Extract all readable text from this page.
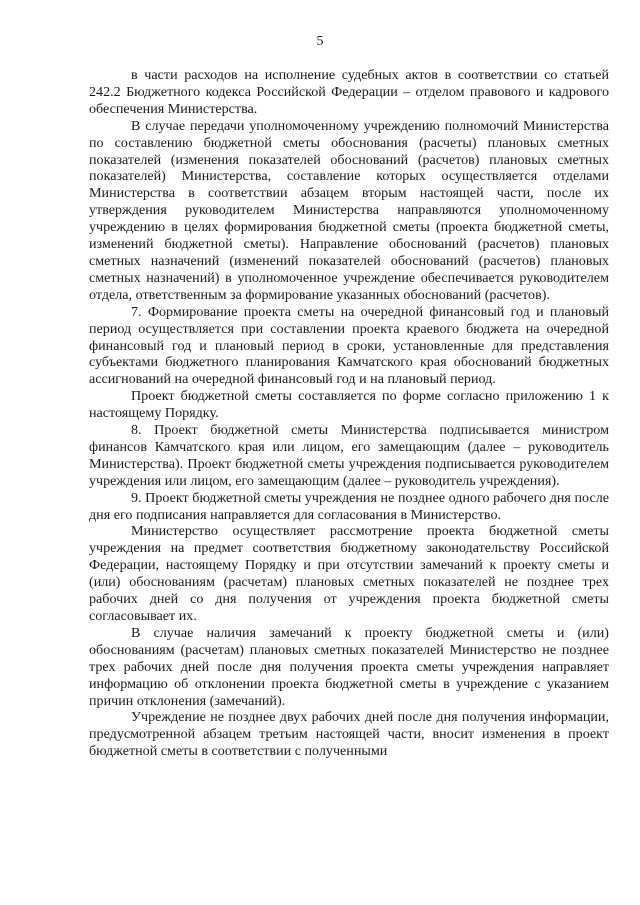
5

в части расходов на исполнение судебных актов в соответствии со статьей 242.2 Бюджетного кодекса Российской Федерации – отделом правового и кадрового обеспечения Министерства.

В случае передачи уполномоченному учреждению полномочий Министерства по составлению бюджетной сметы обоснования (расчеты) плановых сметных показателей (изменения показателей обоснований (расчетов) плановых сметных показателей) Министерства, составление которых осуществляется отделами Министерства в соответствии абзацем вторым настоящей части, после их утверждения руководителем Министерства направляются уполномоченному учреждению в целях формирования бюджетной сметы (проекта бюджетной сметы, изменений бюджетной сметы). Направление обоснований (расчетов) плановых сметных назначений (изменений показателей обоснований (расчетов) плановых сметных назначений) в уполномоченное учреждение обеспечивается руководителем отдела, ответственным за формирование указанных обоснований (расчетов).

7. Формирование проекта сметы на очередной финансовый год и плановый период осуществляется при составлении проекта краевого бюджета на очередной финансовый год и плановый период в сроки, установленные для представления субъектами бюджетного планирования Камчатского края обоснований бюджетных ассигнований на очередной финансовый год и на плановый период.

Проект бюджетной сметы составляется по форме согласно приложению 1 к настоящему Порядку.

8. Проект бюджетной сметы Министерства подписывается министром финансов Камчатского края или лицом, его замещающим (далее – руководитель Министерства). Проект бюджетной сметы учреждения подписывается руководителем учреждения или лицом, его замещающим (далее – руководитель учреждения).

9. Проект бюджетной сметы учреждения не позднее одного рабочего дня после дня его подписания направляется для согласования в Министерство.

Министерство осуществляет рассмотрение проекта бюджетной сметы учреждения на предмет соответствия бюджетному законодательству Российской Федерации, настоящему Порядку и при отсутствии замечаний к проекту сметы и (или) обоснованиям (расчетам) плановых сметных показателей не позднее трех рабочих дней со дня получения от учреждения проекта бюджетной сметы согласовывает их.

В случае наличия замечаний к проекту бюджетной сметы и (или) обоснованиям (расчетам) плановых сметных показателей Министерство не позднее трех рабочих дней после дня получения проекта сметы учреждения направляет информацию об отклонении проекта бюджетной сметы в учреждение с указанием причин отклонения (замечаний).

Учреждение не позднее двух рабочих дней после дня получения информации, предусмотренной абзацем третьим настоящей части, вносит изменения в проект бюджетной сметы в соответствии с полученными
